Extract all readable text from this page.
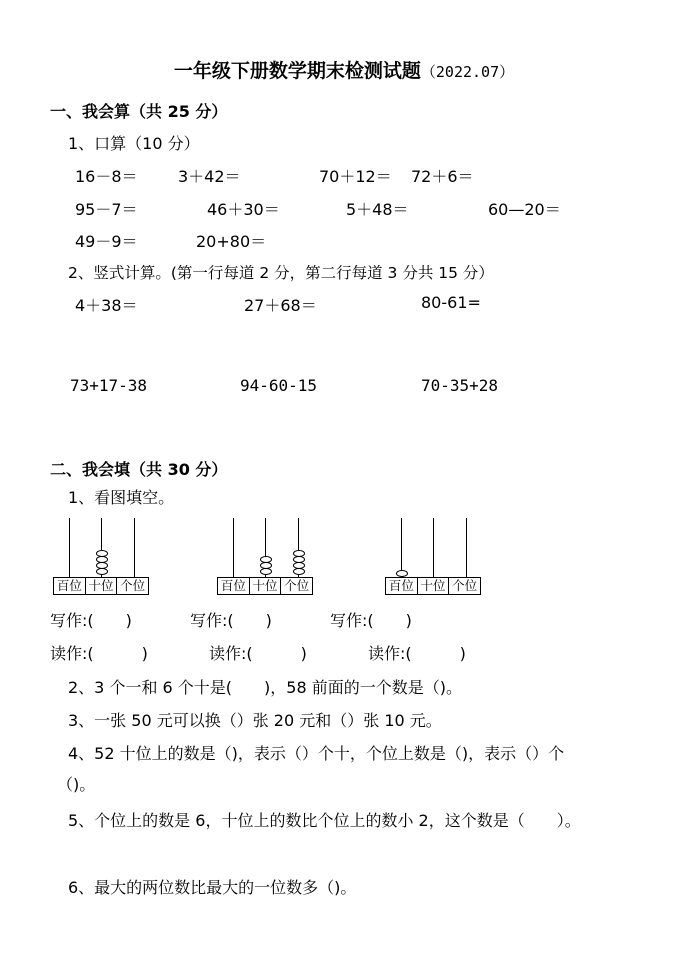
一年级下册数学期末检测试题（2022.07）
一、我会算（共 25 分）
1、口算（10 分）
16－8＝	3＋42＝	70＋12＝ 72＋6＝
95－7＝	46＋30＝	5＋48＝	60—20＝
49－9＝	20+80＝
2、竖式计算。(第一行每道 2 分，第二行每道 3 分共 15 分）
4＋38＝	27＋68＝	80-61=
73+17-38	94-60-15	70-35+28
二、我会填（共 30 分）
1、看图填空。
百位 十位 个位	百位 十位 个位	百位 十位 个位
写作:(　　)	写作:(　　)	写作:(　　)
读作:(　　　)	读作:(　　　)	读作:(　　　)
2、3 个一和 6 个十是(　　)，58 前面的一个数是（)。
3、一张 50 元可以换（）张 20 元和（）张 10 元。
4、52 十位上的数是（)，表示（）个十，个位上数是（)，表示（）个
（)。
5、个位上的数是 6，十位上的数比个位上的数小 2，这个数是（　　）。
6、最大的两位数比最大的一位数多（)。
